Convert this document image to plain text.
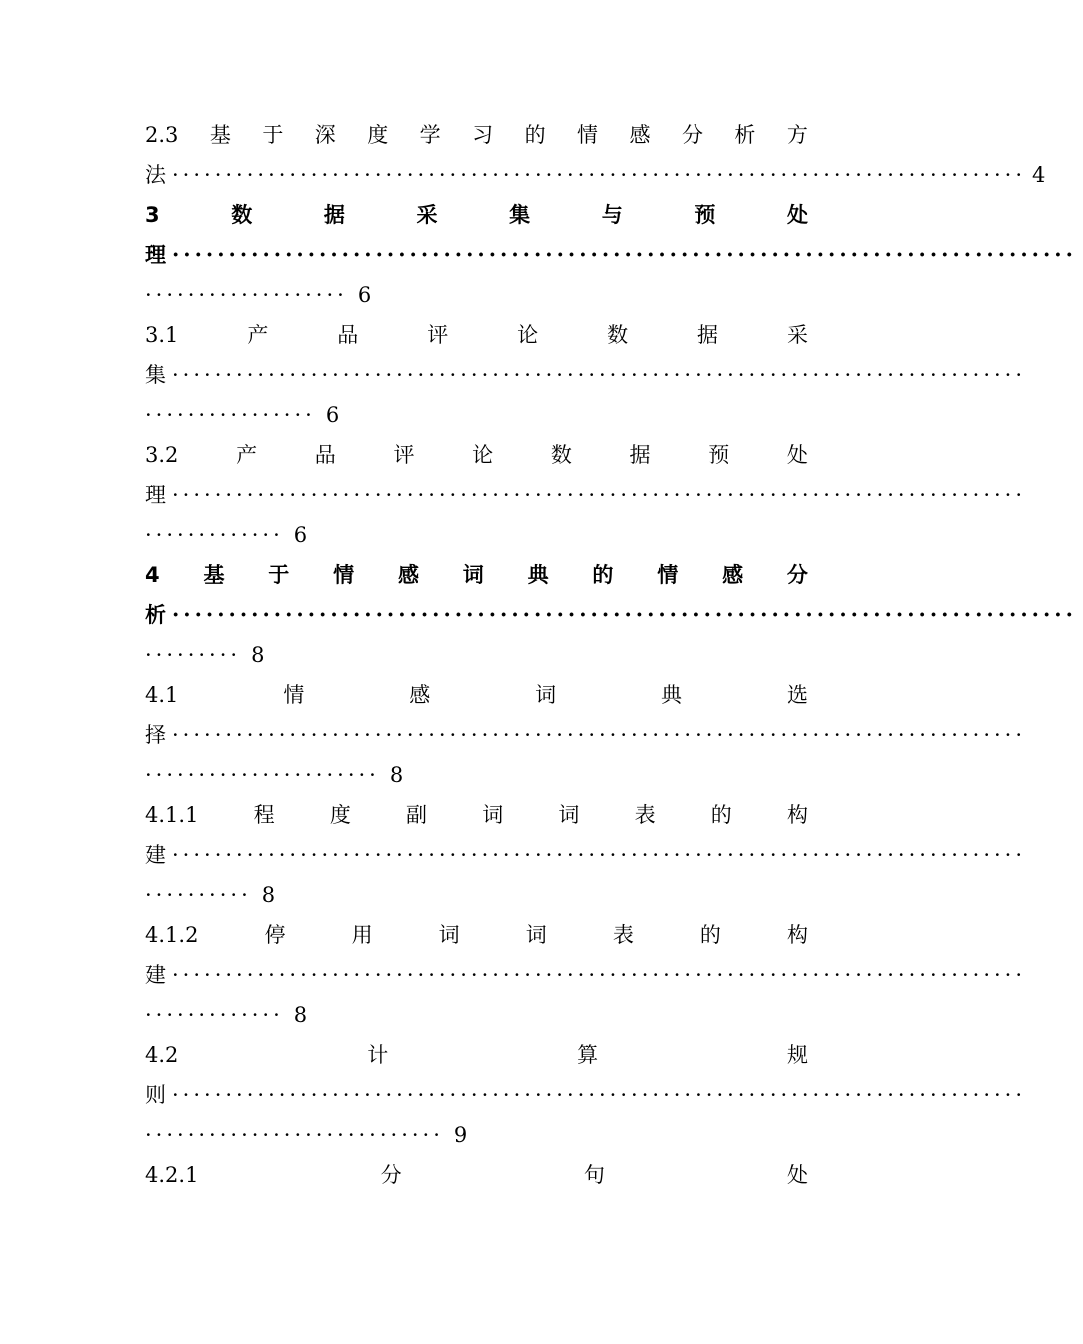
2.3 基 于 深 度 学 习 的 情 感 分 析 方
法 ················································································ 4
3	数	据	采	集	与	预	处
理 ················································································
··················· 6
3.1	产	品	评	论	数	据	采
集 ················································································
················ 6
3.2	产	品	评	论	数	据	预	处
理 ················································································
············· 6
4 基 于 情 感 词 典 的 情 感 分
析 ················································································
········· 8
4.1	情	感	词	典	选
择 ················································································
······················ 8
4.1.1	程	度	副	词	词	表	的	构
建 ················································································
·········· 8
4.1.2	停	用	词	词	表	的	构
建 ················································································
············· 8
4.2	计	算	规
则 ················································································
···························· 9
4.2.1	分	句	处
